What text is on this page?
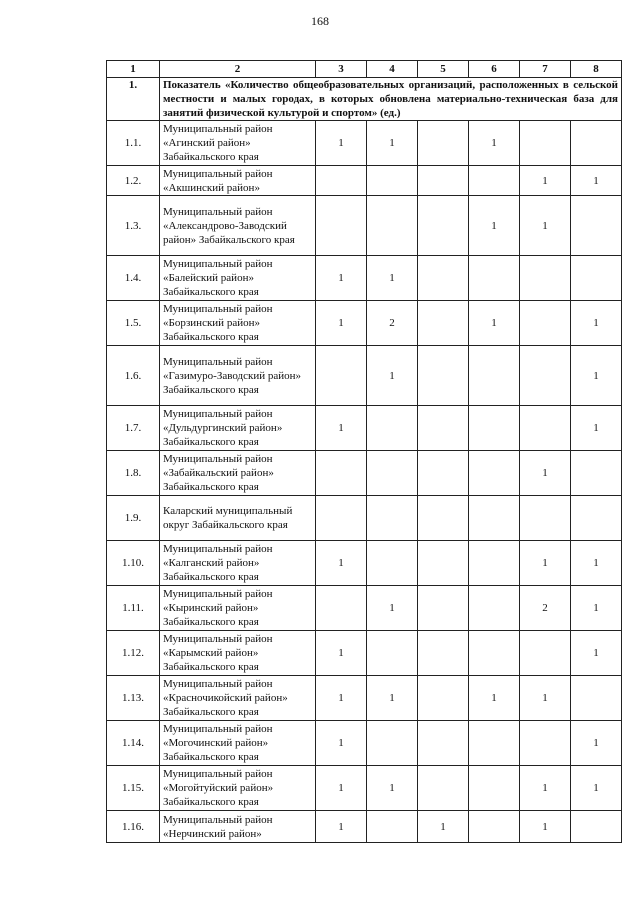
168
1	2	3	4	5	6	7	8
1.	Показатель «Количество общеобразовательных организаций, расположенных в сельской местности и малых городах, в которых обновлена материально-техническая база для занятий физической культурой и спортом» (ед.)						
1.1.	Муниципальный район «Агинский район» Забайкальского края	1	1		1		
1.2.	Муниципальный район «Акшинский район»					1	1
1.3.	Муниципальный район «Александрово-Заводский район» Забайкальского края				1	1	
1.4.	Муниципальный район «Балейский район» Забайкальского края	1	1				
1.5.	Муниципальный район «Борзинский район» Забайкальского края	1	2		1		1
1.6.	Муниципальный район «Газимуро-Заводский район» Забайкальского края		1				1
1.7.	Муниципальный район «Дульдургинский район» Забайкальского края	1					1
1.8.	Муниципальный район «Забайкальский район» Забайкальского края					1	
1.9.	Каларский муниципальный округ Забайкальского края						
1.10.	Муниципальный район «Калганский район» Забайкальского края	1				1	1
1.11.	Муниципальный район «Кыринский район» Забайкальского края		1			2	1
1.12.	Муниципальный район «Карымский район» Забайкальского края	1					1
1.13.	Муниципальный район «Красночикойский район» Забайкальского края	1	1		1	1	
1.14.	Муниципальный район «Могочинский район» Забайкальского края	1					1
1.15.	Муниципальный район «Могойтуйский район» Забайкальского края	1	1			1	1
1.16.	Муниципальный район «Нерчинский район»	1		1		1	
